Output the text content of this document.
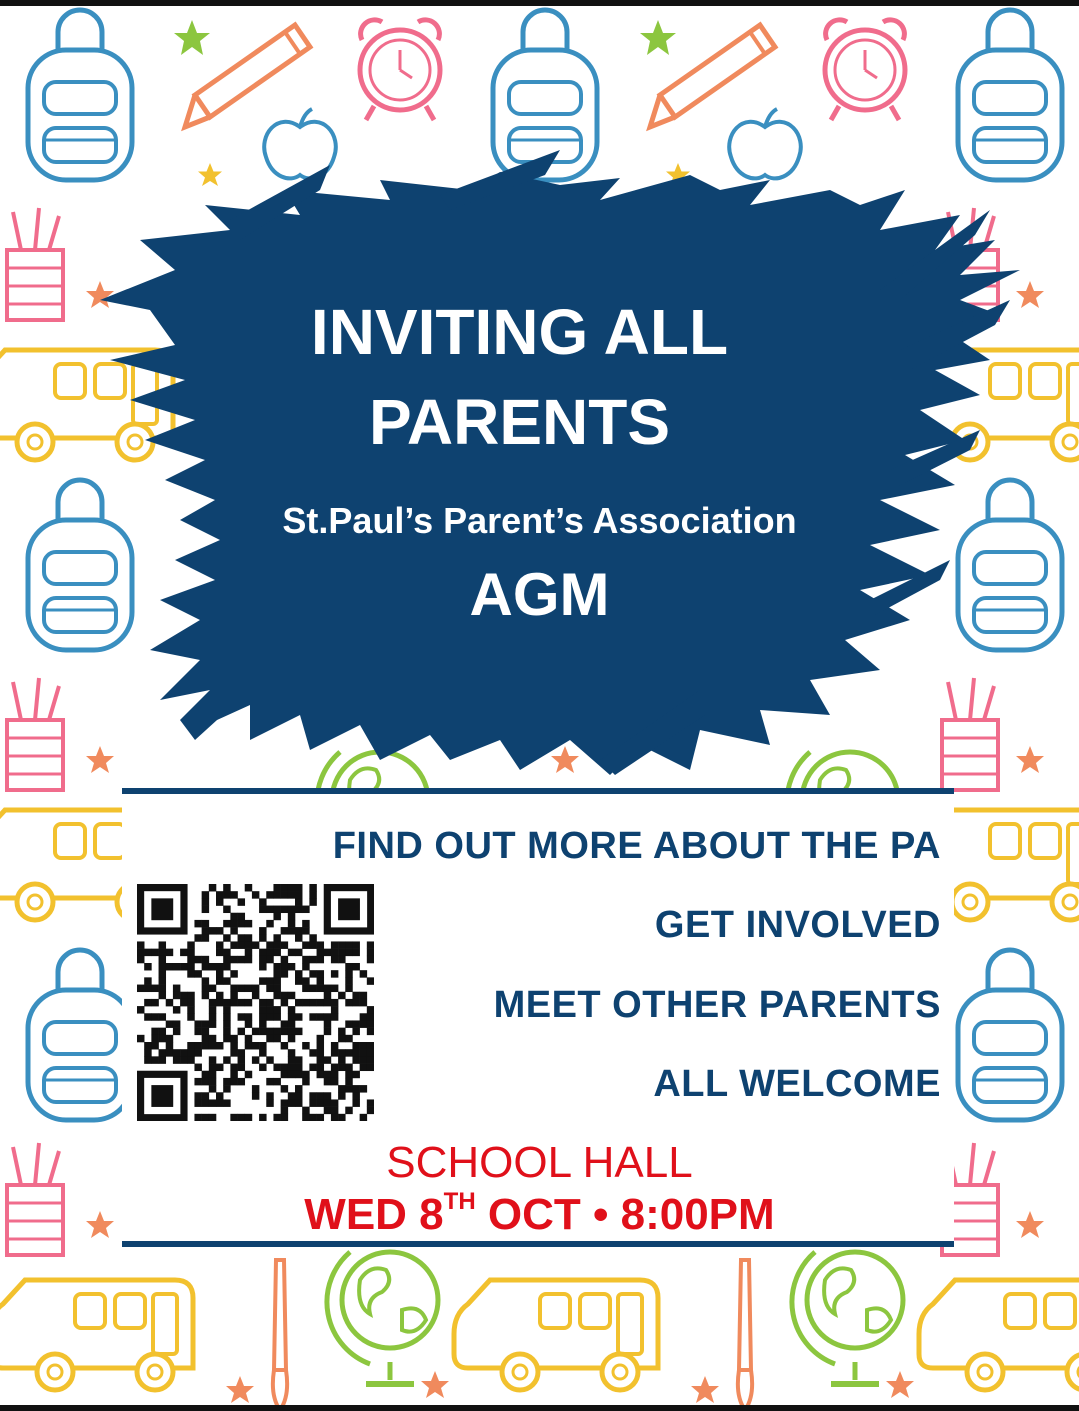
INVITING ALL
PARENTS
St.Paul’s Parent’s Association
AGM
FIND OUT MORE ABOUT THE PA
GET INVOLVED
MEET OTHER PARENTS
ALL WELCOME
SCHOOL HALL
WED 8TH OCT • 8:00PM
